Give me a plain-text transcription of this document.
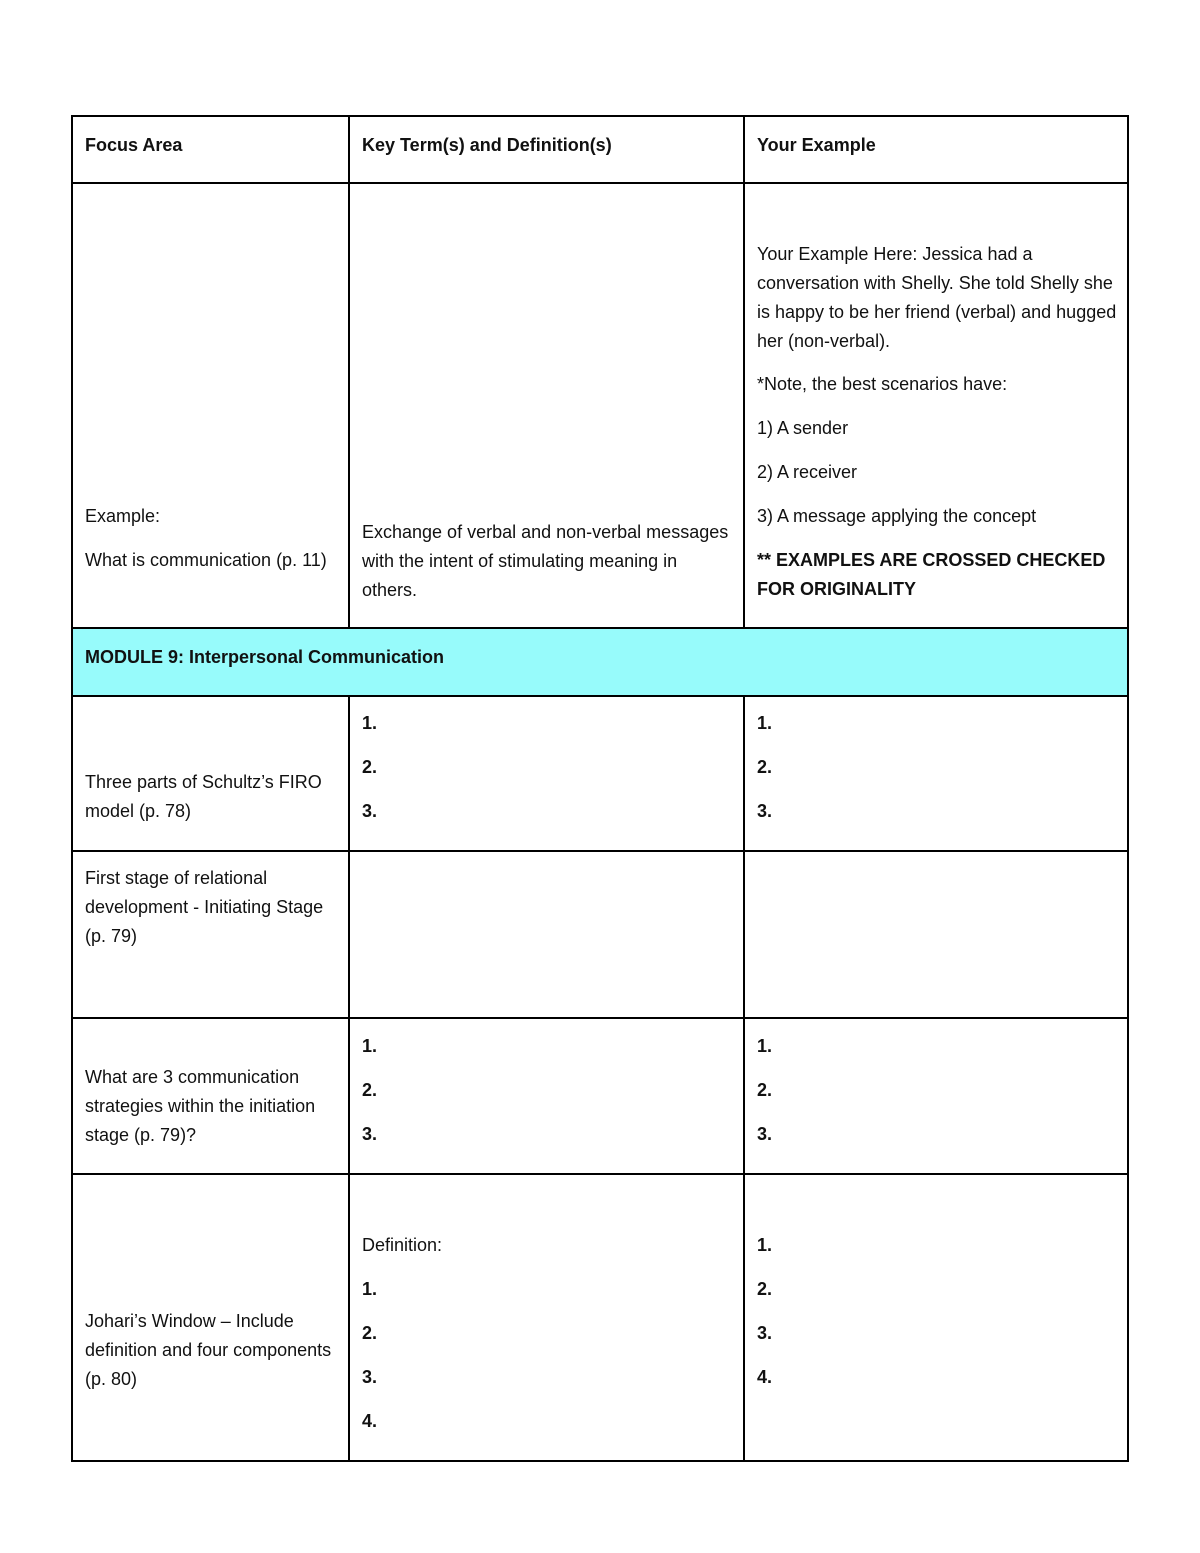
Focus Area	Key Term(s) and Definition(s)	Your Example
Example:
What is communication (p. 11)
Exchange of verbal and non-verbal messages with the intent of stimulating meaning in others.
Your Example Here: Jessica had a conversation with Shelly. She told Shelly she is happy to be her friend (verbal) and hugged her (non-verbal).
*Note, the best scenarios have:
1) A sender
2) A receiver
3) A message applying the concept
** EXAMPLES ARE CROSSED CHECKED FOR ORIGINALITY
MODULE 9: Interpersonal Communication
Three parts of Schultz’s FIRO model (p. 78)
1.
2.
3.
1.
2.
3.
First stage of relational development - Initiating Stage (p. 79)
What are 3 communication strategies within the initiation stage (p. 79)?
1.
2.
3.
1.
2.
3.
Johari’s Window – Include definition and four components (p. 80)
Definition:
1.
2.
3.
4.
1.
2.
3.
4.
